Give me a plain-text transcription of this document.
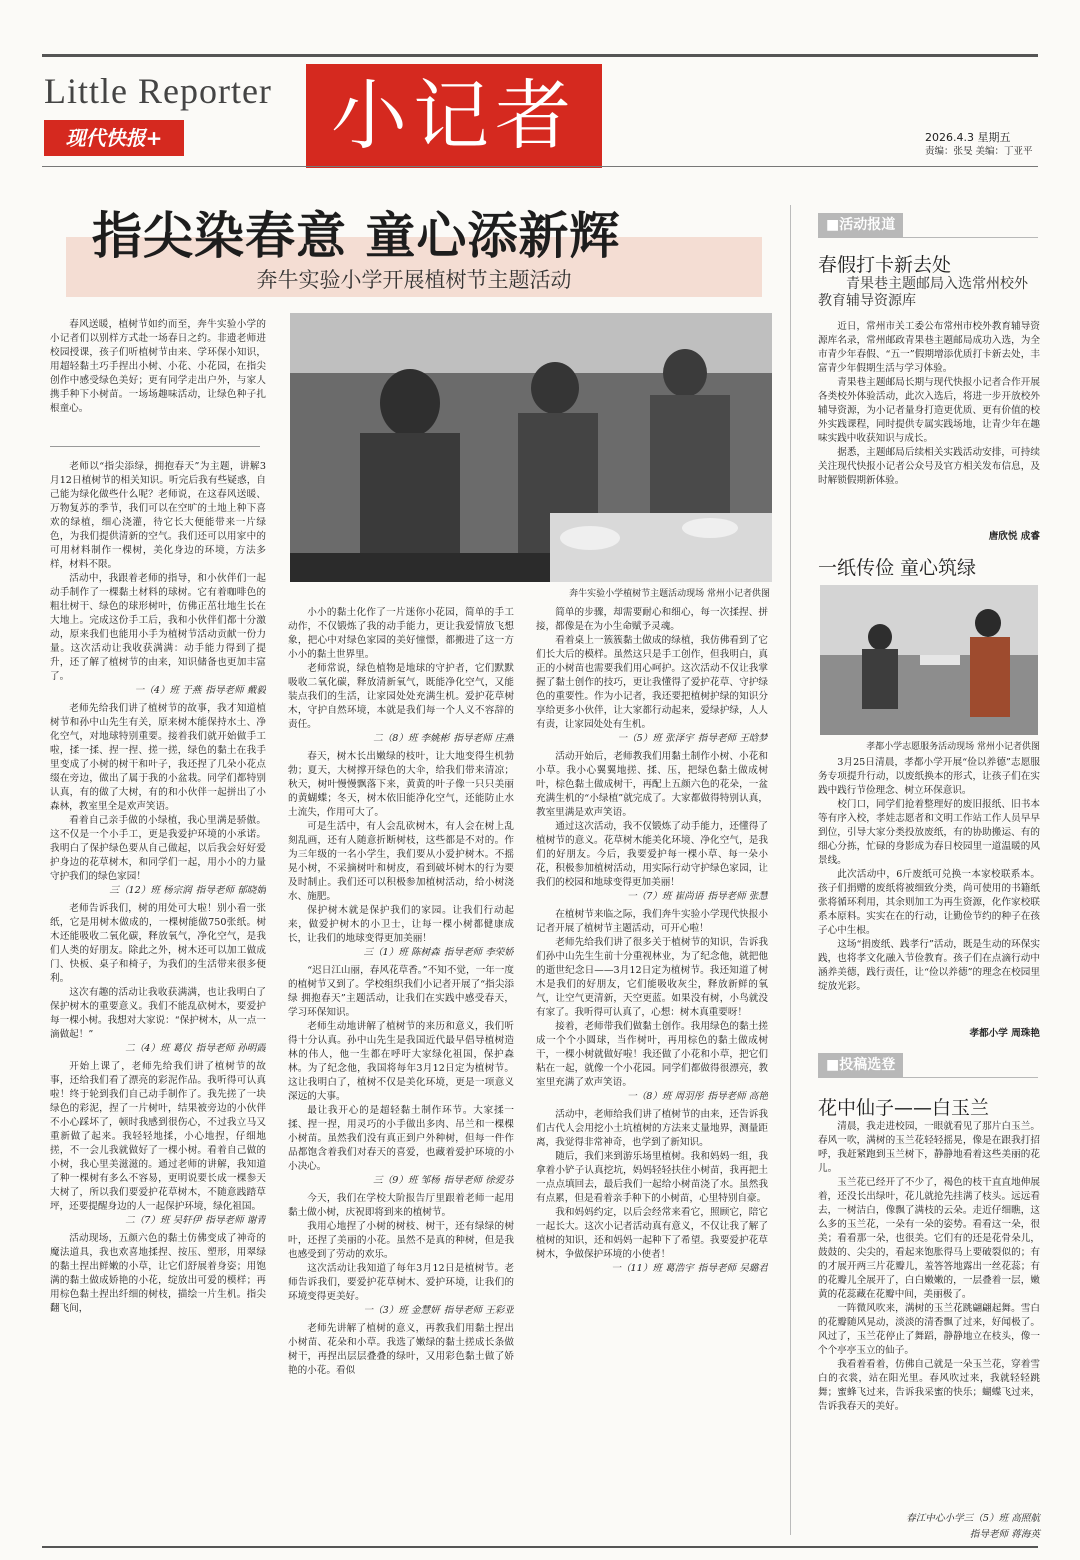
Little Reporter
现代快报+	小记者	2026.4.3 星期五
责编：张旻 美编：丁亚平
指尖染春意 童心添新辉
奔牛实验小学开展植树节主题活动

春风送暖，植树节如约而至，奔牛实验小学的小记者们以别样方式赴一场春日之约。非遗老师进校园授课，孩子们听植树节由来、学环保小知识，用超轻黏土巧手捏出小树、小花、小花园，在指尖创作中感受绿色美好；更有同学走出户外，与家人携手种下小树苗。一场场趣味活动，让绿色种子扎根童心。

奔牛实验小学植树节主题活动现场 常州小记者供图

老师以“指尖添绿，拥抱春天”为主题，讲解3月12日植树节的相关知识。听完后我有些疑惑，自己能为绿化做些什么呢？老师说，在这春风送暖、万物复苏的季节，我们可以在空旷的土地上种下喜欢的绿植，细心浇灌，待它长大便能带来一片绿色，为我们提供清新的空气。我们还可以用家中的可用材料制作一棵树，美化身边的环境，方法多样，材料不限。

活动中，我跟着老师的指导，和小伙伴们一起动手制作了一棵黏土材料的球树。它有着咖啡色的粗壮树干、绿色的球形树叶，仿佛正茁壮地生长在大地上。完成这份手工后，我和小伙伴们都十分激动，原来我们也能用小手为植树节活动贡献一份力量。这次活动让我收获满满：动手能力得到了提升，还了解了植树节的由来，知识储备也更加丰富了。

一（4）班 于燕 指导老师 戴毅

老师先给我们讲了植树节的故事，我才知道植树节和孙中山先生有关，原来树木能保持水土、净化空气，对地球特别重要。接着我们就开始做手工啦，揉一揉、捏一捏、搓一搓，绿色的黏土在我手里变成了小树的树干和叶子，我还捏了几朵小花点缀在旁边，做出了属于我的小盆栽。同学们都特别认真，有的做了大树，有的和小伙伴一起拼出了小森林，教室里全是欢声笑语。

看着自己亲手做的小绿植，我心里满是骄傲。这不仅是一个小手工，更是我爱护环境的小承诺。我明白了保护绿色要从自己做起，以后我会好好爱护身边的花草树木，和同学们一起，用小小的力量守护我们的绿色家园！

三（12）班 杨宗润 指导老师 郁晓娟

老师告诉我们，树的用处可大啦！别小看一张纸，它是用树木做成的，一棵树能做750张纸。树木还能吸收二氧化碳，释放氧气，净化空气，是我们人类的好朋友。除此之外，树木还可以加工做成门、快板、桌子和椅子，为我们的生活带来很多便利。

这次有趣的活动让我收获满满，也让我明白了保护树木的重要意义。我们不能乱砍树木，要爱护每一棵小树。我想对大家说：“保护树木，从一点一滴做起！”

二（4）班 葛仪 指导老师 孙明霞

开始上课了，老师先给我们讲了植树节的故事，还给我们看了漂亮的彩泥作品。我听得可认真啦！终于轮到我们自己动手制作了。我先搓了一块绿色的彩泥，捏了一片树叶，结果被旁边的小伙伴不小心踩坏了，顿时我感到很伤心，不过我立马又重新做了起来。我轻轻地揉，小心地捏，仔细地搓，不一会儿我就做好了一棵小树。看着自己做的小树，我心里美滋滋的。通过老师的讲解，我知道了种一棵树有多么不容易，更明说要长成一棵参天大树了，所以我们要爱护花草树木，不随意践踏草坪，还要提醒身边的人一起保护环境，绿化祖国。

二（7）班 吴轩伊 指导老师 谢青

活动现场，五颜六色的黏土仿佛变成了神奇的魔法道具，我也欢喜地揉捏、按压、塑形，用翠绿的黏土捏出鲜嫩的小草，让它们舒展着身姿；用饱满的黏土做成娇艳的小花，绽放出可爱的模样；再用棕色黏土捏出纤细的树枝，描绘一片生机。指尖翻飞间，

小小的黏土化作了一片迷你小花园，简单的手工动作，不仅锻炼了我的动手能力，更让我爱情放飞想象，把心中对绿色家园的美好憧憬，都搬进了这一方小小的黏土世界里。

老师常说，绿色植物是地球的守护者，它们默默吸收二氧化碳，释放清新氧气，既能净化空气，又能装点我们的生活，让家园处处充满生机。爱护花草树木，守护自然环境，本就是我们每一个人义不容辞的责任。

二（8）班 李姚彬 指导老师 庄燕

春天，树木长出嫩绿的枝叶，让大地变得生机勃勃；夏天，大树撑开绿色的大伞，给我们带来清凉；秋天，树叶慢慢飘落下来，黄黄的叶子像一只只美丽的黄蝴蝶；冬天，树木依旧能净化空气，还能防止水土流失，作用可大了。

可是生活中，有人会乱砍树木，有人会在树上乱刻乱画，还有人随意折断树枝，这些都是不对的。作为三年级的一名小学生，我们要从小爱护树木。不摇晃小树，不采摘树叶和树皮，看到破坏树木的行为要及时制止。我们还可以积极参加植树活动，给小树浇水、施肥。

保护树木就是保护我们的家园。让我们行动起来，做爱护树木的小卫士，让每一棵小树都健康成长，让我们的地球变得更加美丽！

三（1）班 陈树森 指导老师 李荣娇

“迟日江山丽，春风花草香。”不知不觉，一年一度的植树节又到了。学校组织我们小记者开展了“指尖添绿 拥抱春天”主题活动，让我们在实践中感受春天，学习环保知识。

老师生动地讲解了植树节的来历和意义，我们听得十分认真。孙中山先生是我国近代最早倡导植树造林的伟人，他一生都在呼吁大家绿化祖国，保护森林。为了纪念他，我国将每年3月12日定为植树节。这让我明白了，植树不仅是美化环境，更是一项意义深远的大事。

最让我开心的是超轻黏土制作环节。大家揉一揉、捏一捏，用灵巧的小手做出多肉、吊兰和一棵棵小树苗。虽然我们没有真正到户外种树，但每一件作品都饱含着我们对春天的喜爱，也藏着爱护环境的小小决心。

三（9）班 邹杨 指导老师 徐爱芬

今天，我们在学校大阶报告厅里跟着老师一起用黏土做小树，庆祝即将到来的植树节。

我用心地捏了小树的树枝、树干，还有绿绿的树叶，还捏了美丽的小花。虽然不是真的种树，但是我也感受到了劳动的欢乐。

这次活动让我知道了每年3月12日是植树节。老师告诉我们，要爱护花草树木、爱护环境，让我们的环境变得更美好。

一（3）班 金慧妍 指导老师 王彩亚

老师先讲解了植树的意义，再教我们用黏土捏出小树苗、花朵和小草。我选了嫩绿的黏土搓成长条做树干，再捏出层层叠叠的绿叶，又用彩色黏土做了娇艳的小花。看似

简单的步骤，却需要耐心和细心，每一次揉捏、拼接，都像是在为小生命赋予灵魂。

看着桌上一簇簇黏土做成的绿植，我仿佛看到了它们长大后的模样。虽然这只是手工创作，但我明白，真正的小树苗也需要我们用心呵护。这次活动不仅让我掌握了黏土创作的技巧，更让我懂得了爱护花草、守护绿色的重要性。作为小记者，我还要把植树护绿的知识分享给更多小伙伴，让大家都行动起来，爱绿护绿，人人有责，让家园处处有生机。

一（5）班 张泽宇 指导老师 王晗梦

活动开始后，老师教我们用黏土制作小树、小花和小草。我小心翼翼地搓、揉、压，把绿色黏土做成树叶，棕色黏土做成树干，再配上五颜六色的花朵，一盆充满生机的“小绿植”就完成了。大家都做得特别认真，教室里满是欢声笑语。

通过这次活动，我不仅锻炼了动手能力，还懂得了植树节的意义。花草树木能美化环境、净化空气，是我们的好朋友。今后，我要爱护每一棵小草、每一朵小花，积极参加植树活动，用实际行动守护绿色家园，让我们的校园和地球变得更加美丽！

一（7）班 崔尚语 指导老师 张慧

在植树节来临之际，我们奔牛实验小学现代快报小记者开展了植树节主题活动，可开心啦！

老师先给我们讲了很多关于植树节的知识，告诉我们孙中山先生生前十分重视林业，为了纪念他，就把他的逝世纪念日——3月12日定为植树节。我还知道了树木是我们的好朋友，它们能吸收灰尘，释放新鲜的氧气，让空气更清新，天空更蓝。如果没有树，小鸟就没有家了。我听得可认真了，心想：树木真重要呀！

接着，老师带我们做黏土创作。我用绿色的黏土搓成一个个小圆球，当作树叶，再用棕色的黏土做成树干，一棵小树就做好啦！我还做了小花和小草，把它们粘在一起，就像一个小花园。同学们都做得很漂亮，教室里充满了欢声笑语。

一（8）班 周羽彤 指导老师 高艳

活动中，老师给我们讲了植树节的由来，还告诉我们古代人会用挖小土坑植树的方法来丈量地界，测量距离，我觉得非常神奇，也学到了新知识。

随后，我们来到游乐场里植树。我和妈妈一组，我拿着小铲子认真挖坑，妈妈轻轻扶住小树苗，我再把土一点点填回去，最后我们一起给小树苗浇了水。虽然我有点累，但是看着亲手种下的小树苗，心里特别自豪。

我和妈妈约定，以后会经常来看它，照顾它，陪它一起长大。这次小记者活动真有意义，不仅让我了解了植树的知识，还和妈妈一起种下了希望。我要爱护花草树木，争做保护环境的小使者！

一（11）班 葛浩宇 指导老师 吴璐君
■活动报道
春假打卡新去处
青果巷主题邮局入选常州校外教育辅导资源库

近日，常州市关工委公布常州市校外教育辅导资源库名录，常州邮政青果巷主题邮局成功入选，为全市青少年春假、“五一”假期增添优质打卡新去处，丰富青少年假期生活与学习体验。

青果巷主题邮局长期与现代快报小记者合作开展各类校外体验活动，此次入选后，将进一步开放校外辅导资源，为小记者量身打造更优质、更有价值的校外实践课程，同时提供专属实践场地，让青少年在趣味实践中收获知识与成长。

据悉，主题邮局后续相关实践活动安排，可持续关注现代快报小记者公众号及官方相关发布信息，及时解锁假期新体验。

唐欣悦 成睿
一纸传俭 童心筑绿
孝都小学志愿服务活动现场 常州小记者供图

3月25日清晨，孝都小学开展“俭以养德”志愿服务专项提升行动，以废纸换本的形式，让孩子们在实践中践行节俭理念、树立环保意识。

校门口，同学们抢着整理好的废旧报纸、旧书本等有序入校，孝娃志愿者和文明工作站工作人员早早到位，引导大家分类投放废纸，有的协助搬运、有的细心分拣，忙碌的身影成为春日校园里一道温暖的风景线。

此次活动中，6斤废纸可兑换一本家校联系本。孩子们捐赠的废纸将被细致分类，尚可使用的书籍纸张将循环利用，其余则加工为再生资源，化作家校联系本原料。实实在在的行动，让勤俭节约的种子在孩子心中生根。

这场“捐废纸、践孝行”活动，既是生动的环保实践，也将孝文化融入节俭教育。孩子们在点滴行动中涵养美德，践行责任，让“俭以养德”的理念在校园里绽放光彩。

孝都小学 周珠艳
■投稿选登
花中仙子——白玉兰

清晨，我走进校园，一眼就看见了那片白玉兰。春风一吹，满树的玉兰花轻轻摇晃，像是在跟我打招呼，我赶紧跑到玉兰树下，静静地看着这些美丽的花儿。

玉兰花已经开了不少了，褐色的枝干直直地伸展着，还没长出绿叶，花儿就抢先挂满了枝头。远远看去，一树洁白，像飘了满枝的云朵。走近仔细瞧，这么多的玉兰花，一朵有一朵的姿势。看看这一朵，很美；看看那一朵，也很美。它们有的还是花骨朵儿，鼓鼓的、尖尖的，看起来饱胀得马上要破裂似的；有的才展开两三片花瓣儿，羞答答地露出一丝花蕊；有的花瓣儿全展开了，白白嫩嫩的，一层叠着一层，嫩黄的花蕊藏在花瓣中间，美丽极了。

一阵微风吹来，满树的玉兰花跳翩翩起舞。雪白的花瓣随风晃动，淡淡的清香飘了过来，好闻极了。风过了，玉兰花停止了舞蹈，静静地立在枝头，像一个个亭亭玉立的仙子。

我看着看着，仿佛自己就是一朵玉兰花，穿着雪白的衣裳，站在阳光里。春风吹过来，我就轻轻跳舞；蜜蜂飞过来，告诉我采蜜的快乐；蝴蝶飞过来，告诉我春天的美好。

春江中心小学三（5）班 高照航
指导老师 蒋海英
